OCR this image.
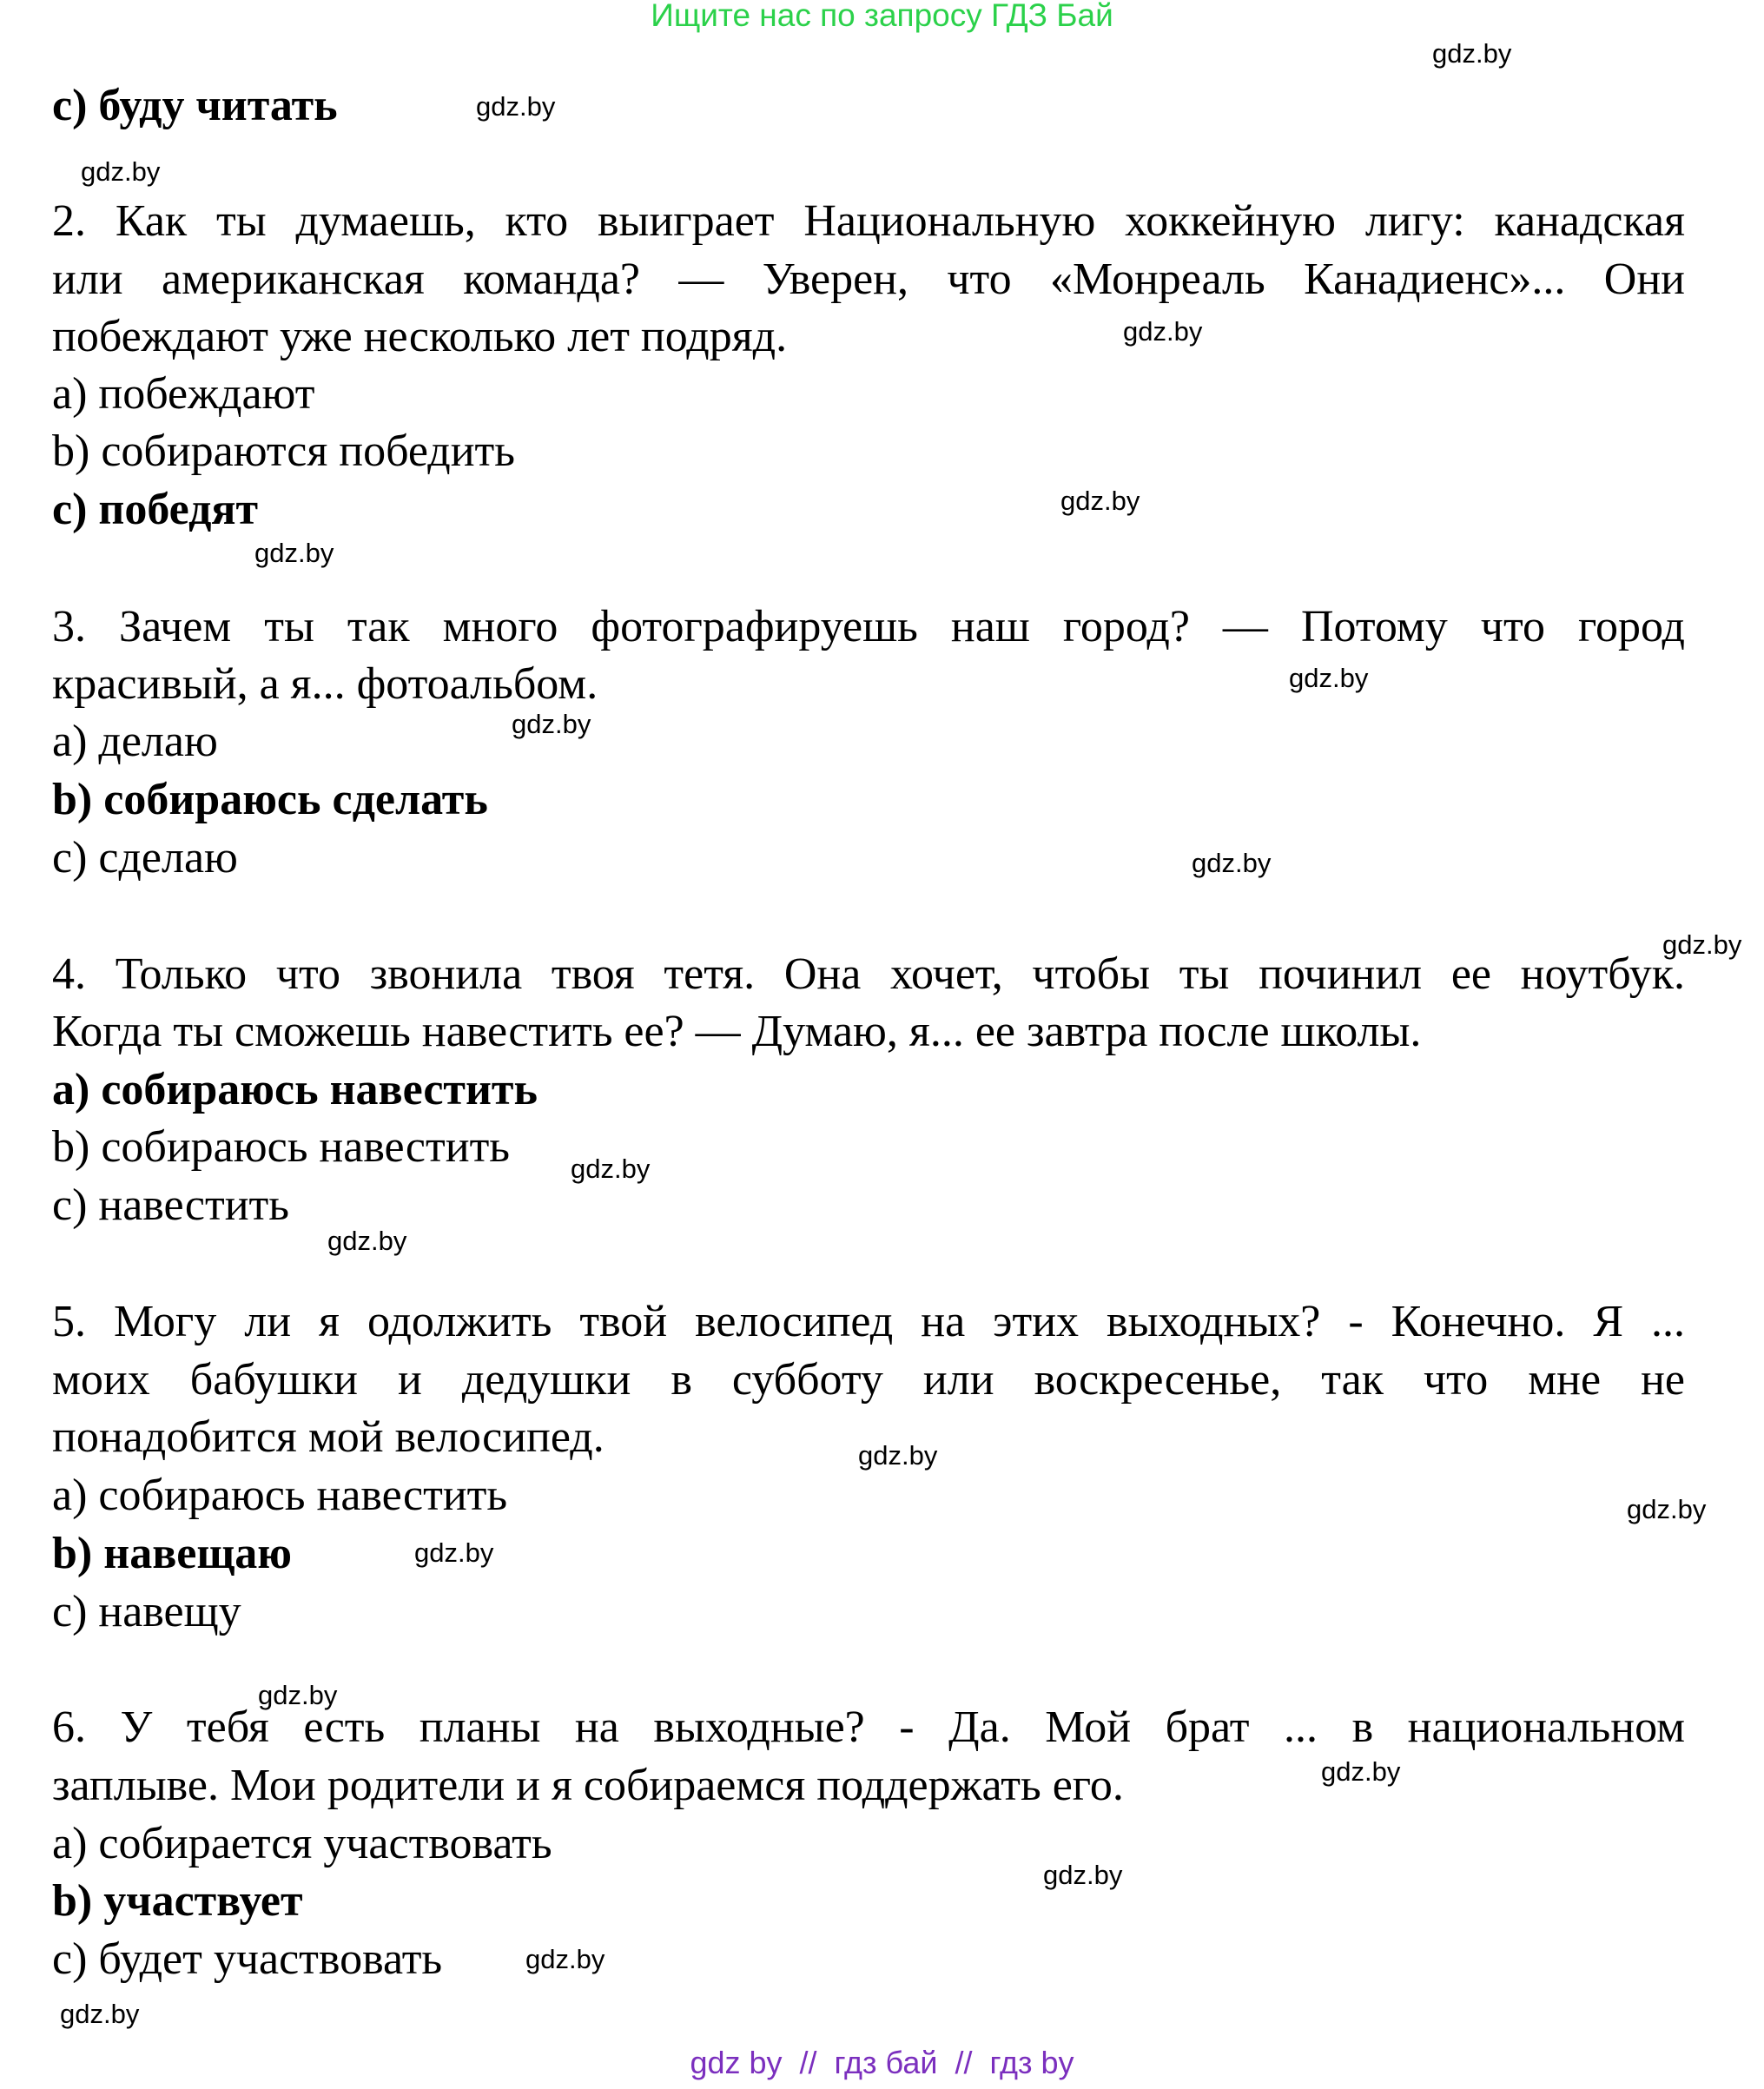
Ищите нас по запросу ГДЗ Бай
c) буду читать
2. Как ты думаешь, кто выиграет Национальную хоккейную лигу: канадская
или американская команда? — Уверен, что «Монреаль Канадиенс»... Они
побеждают уже несколько лет подряд.
a) побеждают
b) собираются победить
c) победят
3. Зачем ты так много фотографируешь наш город? — Потому что город
красивый, а я... фотоальбом.
a) делаю
b) собираюсь сделать
c) сделаю
4. Только что звонила твоя тетя. Она хочет, чтобы ты починил ее ноутбук.
Когда ты сможешь навестить ее? — Думаю, я... ее завтра после школы.
a) собираюсь навестить
b) собираюсь навестить
c) навестить
5. Могу ли я одолжить твой велосипед на этих выходных? - Конечно. Я ...
моих бабушки и дедушки в субботу или воскресенье, так что мне не
понадобится мой велосипед.
a) собираюсь навестить
b) навещаю
c) навещу
6. У тебя есть планы на выходные? - Да. Мой брат ... в национальном
заплыве. Мои родители и я собираемся поддержать его.
a) собирается участвовать
b) участвует
c) будет участвовать
gdz.by
gdz.by
gdz.by
gdz.by
gdz.by
gdz.by
gdz.by
gdz.by
gdz.by
gdz.by
gdz.by
gdz.by
gdz.by
gdz.by
gdz.by
gdz.by
gdz.by
gdz.by
gdz.by
gdz.by
gdz by  //  гдз бай  //  гдз by
